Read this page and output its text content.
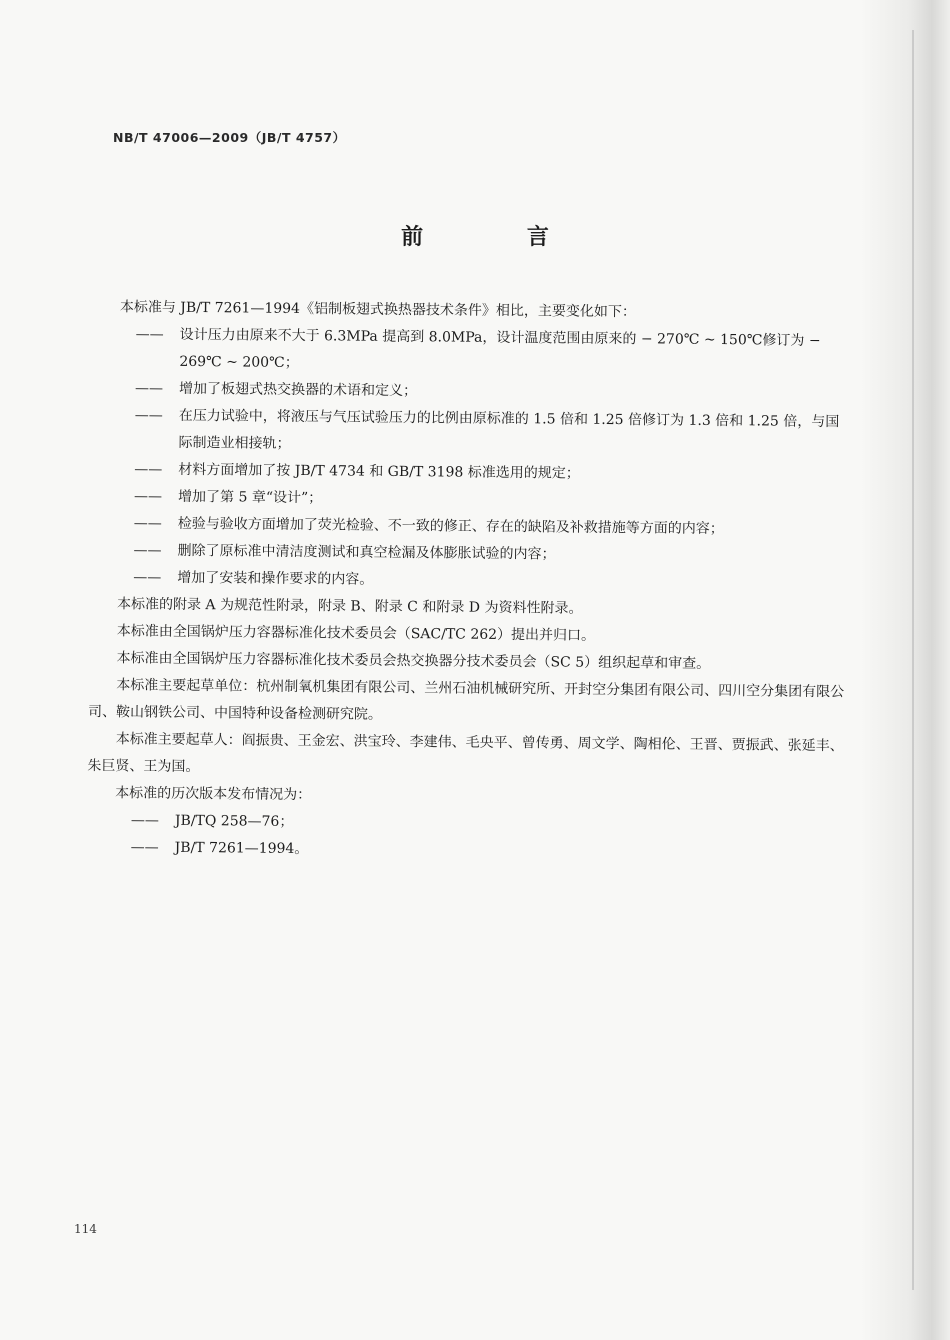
NB/T 47006—2009（JB/T 4757）
前 言

本标准与 JB/T 7261—1994《铝制板翅式换热器技术条件》相比，主要变化如下：

——	设计压力由原来不大于 6.3MPa 提高到 8.0MPa，设计温度范围由原来的 − 270℃ ~ 150℃修订为 − 269℃ ~ 200℃；
——	增加了板翅式热交换器的术语和定义；
——	在压力试验中，将液压与气压试验压力的比例由原标准的 1.5 倍和 1.25 倍修订为 1.3 倍和 1.25 倍，与国际制造业相接轨；
——	材料方面增加了按 JB/T 4734 和 GB/T 3198 标准选用的规定；
——	增加了第 5 章“设计”；
——	检验与验收方面增加了荧光检验、不一致的修正、存在的缺陷及补救措施等方面的内容；
——	删除了原标准中清洁度测试和真空检漏及体膨胀试验的内容；
——	增加了安装和操作要求的内容。

本标准的附录 A 为规范性附录，附录 B、附录 C 和附录 D 为资料性附录。

本标准由全国锅炉压力容器标准化技术委员会（SAC/TC 262）提出并归口。

本标准由全国锅炉压力容器标准化技术委员会热交换器分技术委员会（SC 5）组织起草和审查。

本标准主要起草单位：杭州制氧机集团有限公司、兰州石油机械研究所、开封空分集团有限公司、四川空分集团有限公司、鞍山钢铁公司、中国特种设备检测研究院。

本标准主要起草人：阎振贵、王金宏、洪宝玲、李建伟、毛央平、曾传勇、周文学、陶相伦、王晋、贾振武、张延丰、朱巨贤、王为国。

本标准的历次版本发布情况为：

——	JB/TQ 258—76；
——	JB/T 7261—1994。
114
